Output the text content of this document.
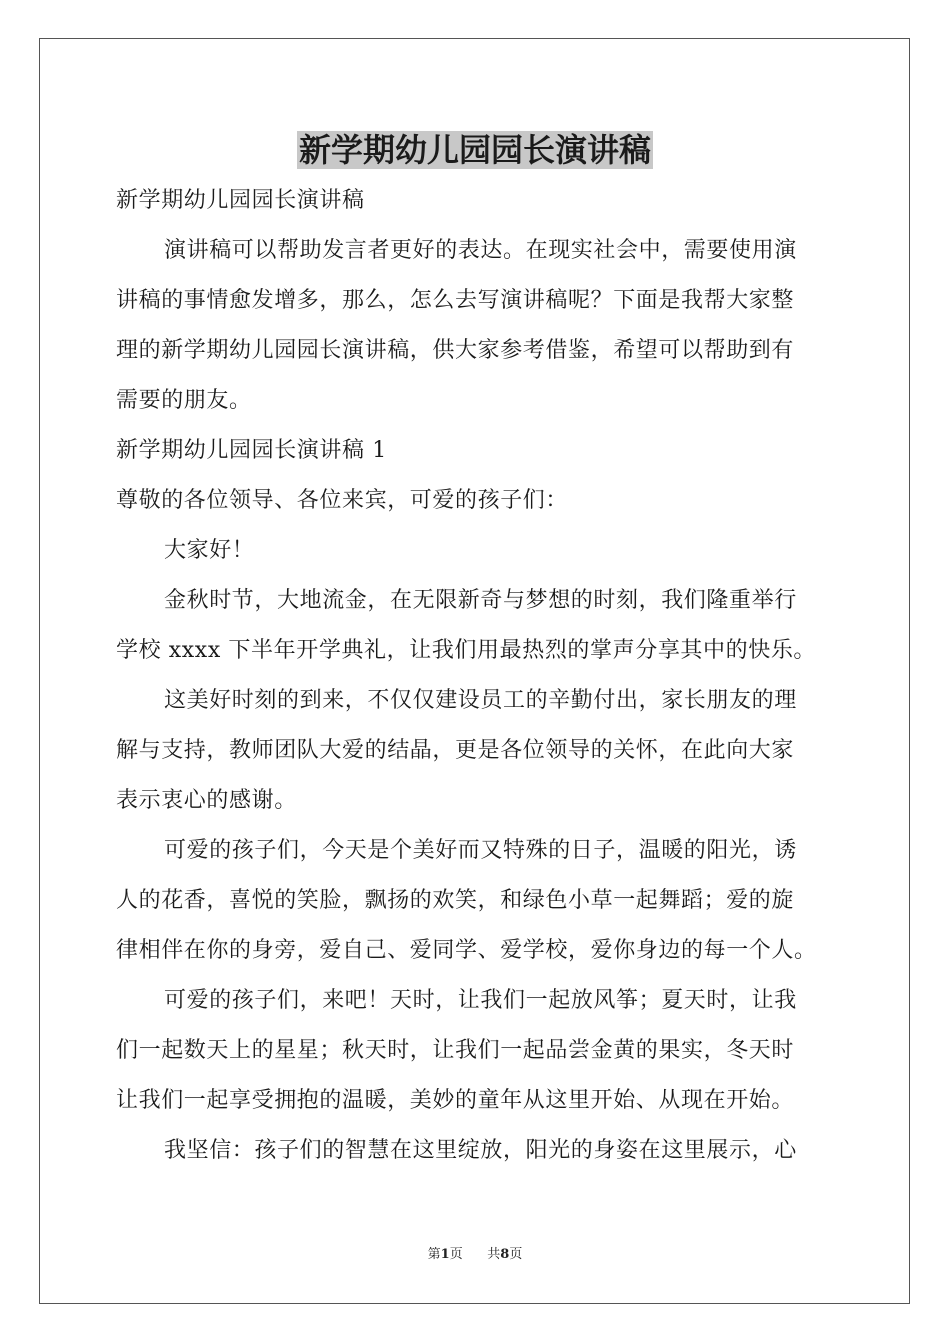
新学期幼儿园园长演讲稿
新学期幼儿园园长演讲稿
演讲稿可以帮助发言者更好的表达。在现实社会中，需要使用演
讲稿的事情愈发增多，那么，怎么去写演讲稿呢？下面是我帮大家整
理的新学期幼儿园园长演讲稿，供大家参考借鉴，希望可以帮助到有
需要的朋友。
新学期幼儿园园长演讲稿 1
尊敬的各位领导、各位来宾，可爱的孩子们：
大家好！
金秋时节，大地流金，在无限新奇与梦想的时刻，我们隆重举行
学校 xxxx 下半年开学典礼，让我们用最热烈的掌声分享其中的快乐。
这美好时刻的到来，不仅仅建设员工的辛勤付出，家长朋友的理
解与支持，教师团队大爱的结晶，更是各位领导的关怀，在此向大家
表示衷心的感谢。
可爱的孩子们，今天是个美好而又特殊的日子，温暖的阳光，诱
人的花香，喜悦的笑脸，飘扬的欢笑，和绿色小草一起舞蹈；爱的旋
律相伴在你的身旁，爱自己、爱同学、爱学校，爱你身边的每一个人。
可爱的孩子们，来吧！天时，让我们一起放风筝；夏天时，让我
们一起数天上的星星；秋天时，让我们一起品尝金黄的果实，冬天时
让我们一起享受拥抱的温暖，美妙的童年从这里开始、从现在开始。
我坚信：孩子们的智慧在这里绽放，阳光的身姿在这里展示，心
第1页 共8页
